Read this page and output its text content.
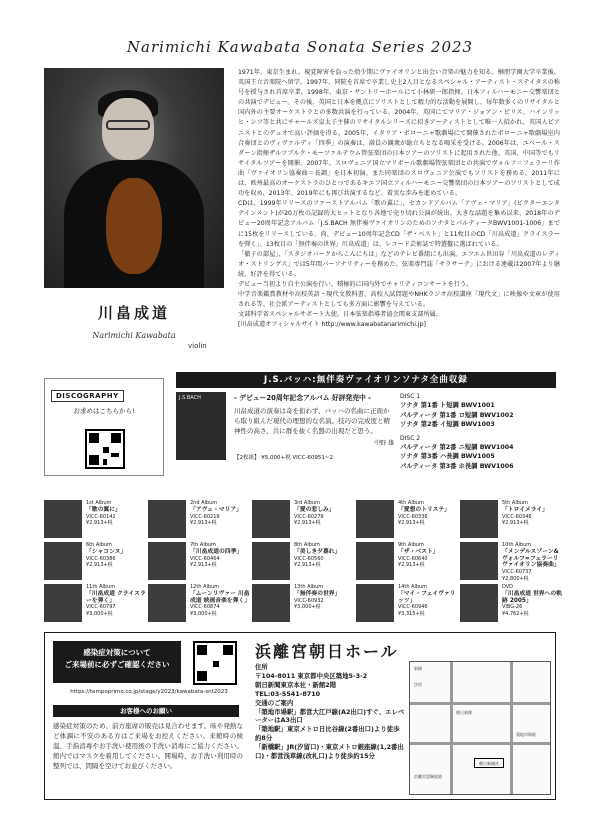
Narimichi Kawabata Sonata Series 2023
川畠成道
Narimichi Kawabata
violin

1971年、東京生まれ。視覚障害を負った幼少期にヴァイオリンと出会い音楽の魅力を知る。桐朋学園大学卒業後、英国王立音楽院へ留学。1997年、同院を首席で卒業し史上2人目となるスペシャル・アーティスト・ステイタスの称号を授与され首席卒業。1998年、東京・サントリーホールにて小林研一郎指揮、日本フィルハーモニー交響楽団との共演でデビュー。その後、英国と日本を拠点にソリストとして精力的な活動を展開し、毎年数多くのリサイタルと国内外の主要オーケストラとの多数共演を行っている。2004年、英国にてマリア・ジョアン・ピリス、ハインリッヒ・シフ等と共にチャールズ皇太子主催のリサイタルシリーズに招きアーティストとして唯一人招かれ、英国人ピアニストとのデュオで高い評価を得る。2005年、イタリア・ボローニャ歌劇場にて開催されたボローニャ歌劇場室内合奏団とのヴィヴァルディ「四季」の演奏は、満員の観衆が総立ちとなる喝采を受ける。2006年は、ユベール・スダーン指揮ザルツブルク・モーツァルテウム管弦楽団の日本ツアーのソリストに起用された他、英国、中国等でもリサイタルツアーを開催。2007年、スロヴェニア国立マリボール歌劇場管弦楽団との共演でヴォルフ＝フェラーリ作曲「ヴァイオリン協奏曲＝長調」を日本初演、また同楽団のスロヴェニア公演でもソリストを務める。2011年には、欧州最高のオーケストラのひとつであるキエフ国立フィルハーモニー交響楽団の日本ツアーのソリストとして成功を収め、2013年、2019年にも再び共演するなど、着実な歩みを進めている。

CDは、1999年リリースのファーストアルバム「歌の翼に」、セカンドアルバム「アヴェ・マリア」(ビクターエンタテインメント)が20万枚の記録的大ヒットとなり各地で売り切れ公演が続出。大きな話題を集め以来、2018年のデビュー20周年記念アルバム「J.S.BACH 無伴奏ヴァイオリンのためのソナタとパルティータBWV1001-1006」までに15枚をリリースしている。尚、デビュー10周年記念CD「ザ・ベスト」と11枚目のCD「川畠成道」クライスラーを弾く」、13枚目の「無伴奏の世界」川畠成道」は、レコード芸術誌で特選盤に選ばれている。

「徹子の部屋」、「スタジオパークからこんにちは」などのテレビ番組にも出演。エフエム世田谷「川畠成道のレディオ・ストリングス」では5年間パーソナリティーを務めた。弦楽専門誌「サラサーテ」における連載は2007年より継続、好評を得ている。

デビュー当初より自主公演を行い、積極的に国内外でチャリティコンサートを行う。

中学音楽鑑賞教材や高校英語・現代文教科書、高校入試問題やNHKラジオ高校講座「現代文」に映像や文章が使用される等、社会派アーティストとしても多方面に影響を与えている。

文部科学省スペシャルサポート大使。日本弦楽指導者協会関東支部所属。

[川畠成道オフィシャルサイト http://www.kawabatanarimichi.jp]

DISCOGRAPHY
お求めはこちらから!
J.S.バッハ:無伴奏ヴァイオリンソナタ全曲収録
J.S.BACH	- デビュー20周年記念アルバム 好評発売中 -
川畠成道の演奏は奇を衒わず、バッハの名曲に正面から取り組んだ現代の理想的な名演。技巧の完成度と精神性の高さ、共に群を抜く名盤の出現だと思う。
中野 雄
【2枚組】 ¥5,000+税 VICC-60951~2
DISC 1
ソナタ 第1番 ト短調 BWV1001
パルティータ 第1番 ロ短調 BWV1002
ソナタ 第2番 イ短調 BWV1003
DISC 2
パルティータ 第2番 ニ短調 BWV1004
ソナタ 第3番 ハ長調 BWV1005
パルティータ 第3番 ホ長調 BWV1006
1st Album
「歌の翼に」
VICC-60142
¥2,913+税
2nd Album
「アヴェ・マリア」
VICC-60219
¥2,913+税
3rd Album
「愛の悲しみ」
VICC-60279
¥2,913+税
4th Album
「愛想のトリステ」
VICC-60336
¥2,913+税
5th Album
「トロイメライ」
VICC-60346
¥2,913+税
6th Album
「シャコンヌ」
VICC-60386
¥2,913+税
7th Album
「川畠成道の四季」
VICC-60464
¥2,913+税
8th Album
「美しき夕暮れ」
VICC-60560
¥2,913+税
9th Album
「ザ・ベスト」
VICC-60640
¥2,913+税
10th Album
「メンデルスゾーン&ヴォルフ=フェラーリ ヴァイオリン協奏曲」
VICC-60737
¥2,800+税
11th Album
「川畠成道 クライスラーを弾く」
VICC-60797
¥3,000+税
12th Album
「ムーンリヴァー 川畠成道 映画音楽を弾く」
VICC-60874
¥3,000+税
13th Album
「無伴奏の世界」
VICC-60932
¥3,000+税
14th Album
「マイ・フェイヴァリッツ」
VICC-60946
¥3,315+税
DVD
「川畠成道 世界への軌跡 2005」
VIBG-26
¥4,762+税
感染症対策について
ご来場前に必ずご確認ください
https://tempoprimo.co.jp/stage/y2023/kawabata-snt2023
お客様へのお願い
感染症対策のため、前方座席の販売は見合わせます。咳や発熱など体調に不安のある方はご来場をお控えください。来館時の検温、手指消毒やお手洗い使用後の手洗い消毒にご協力ください。館内ではマスクを着用してください。開場時、お手洗い利用時の整列では、間隔を空けてお並びください。
浜離宮朝日ホール
住所
〒104-8011 東京都中央区築地5-3-2
朝日新聞東京本社・新館2階
TEL:03-5541-8710
交通のご案内
「築地市場駅」都営大江戸線(A2出口)すぐ、エレベーターはA3出口
「築地駅」東京メトロ日比谷線(2番出口)より徒歩約8分
「新橋駅」JR(汐留口)・東京メトロ銀座線(1,2番出口)・都営浅草線(改札口)より徒歩約15分
朝日新聞社
朝日新聞
浜離宮恩賜庭園
築地市場駅
汐留
新橋
